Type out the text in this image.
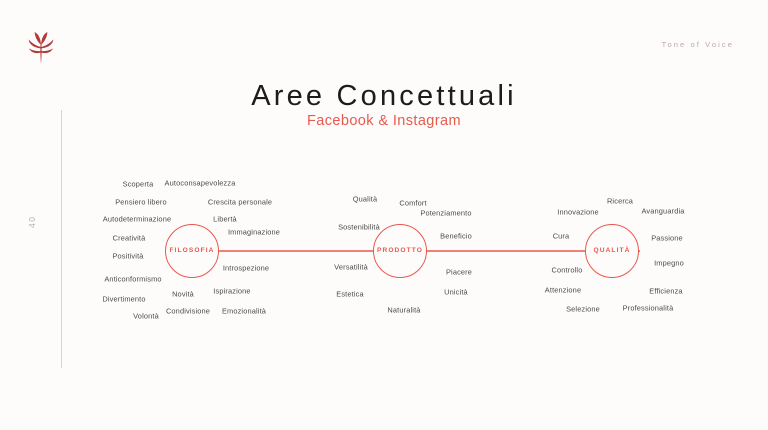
Tone of Voice
Aree Concettuali
Facebook & Instagram
40
Scoperta Autoconsapevolezza
Pensiero libero	Crescita personale
Autodeterminazione	Libertà
Creatività
Immaginazione
Positività
Introspezione
Anticonformismo
Divertimento
Novità	Ispirazione
Volontà
Condivisione Emozionalità
Qualità	Comfort
Potenziamento
Sostenibilità
Beneficio
Versatilità
Piacere
Estetica	Unicità
Naturalità
Ricerca
Innovazione	Avanguardia
Cura	Passione
Impegno
Controllo
Attenzione	Efficienza
Selezione	Professionalità
FILOSOFIA	PRODOTTO	QUALITÀ
